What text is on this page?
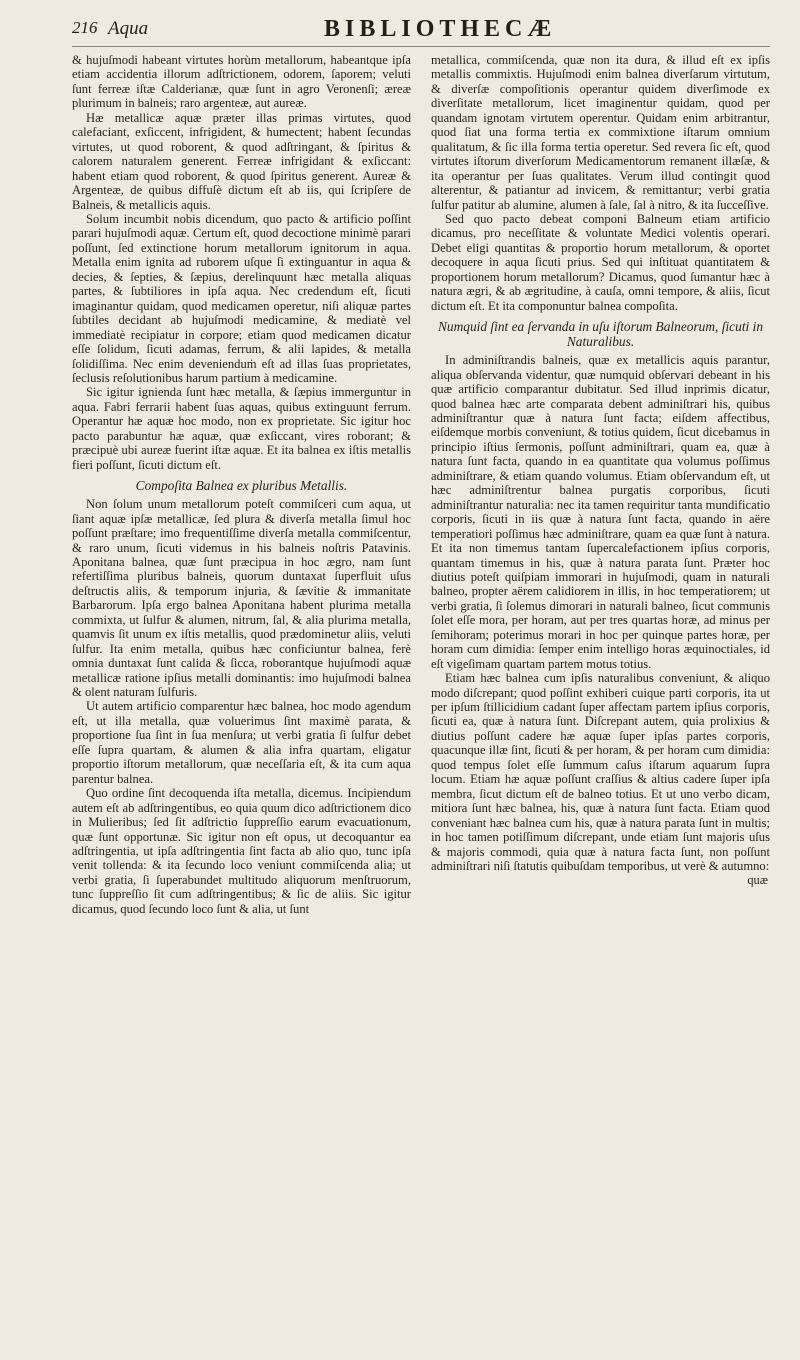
216 Aqua	BIBLIOTHECÆ

& hujuſmodi habeant virtutes horùm metallorum, habeantque ipſa etiam accidentia illorum adſtrictionem, odorem, ſaporem; veluti ſunt ferreæ iſtæ Calderianæ, quæ ſunt in agro Veronenſi; æreæ plurimum in balneis; raro argenteæ, aut aureæ.

Hæ metallicæ aquæ præter illas primas virtutes, quod calefaciant, exſiccent, infrigident, & humectent; habent ſecundas virtutes, ut quod roborent, & quod adſtringant, & ſpiritus & calorem naturalem generent. Ferreæ infrigidant & exſiccant: habent etiam quod roborent, & quod ſpiritus generent. Aureæ & Argenteæ, de quibus diffuſè dictum eſt ab iis, qui ſcripſere de Balneis, & metallicis aquis.

Solum incumbit nobis dicendum, quo pacto & artificio poſſint parari hujuſmodi aquæ. Certum eſt, quod decoctione minimè parari poſſunt, ſed extinctione horum metallorum ignitorum in aqua. Metalla enim ignita ad ruborem uſque ſi extinguantur in aqua & decies, & ſepties, & ſæpius, derelinquunt hæc metalla aliquas partes, & ſubtiliores in ipſa aqua. Nec credendum eſt, ſicuti imaginantur quidam, quod medicamen operetur, niſi aliquæ partes ſubtiles decidant ab hujuſmodi medicamine, & mediatè vel immediatè recipiatur in corpore; etiam quod medicamen dicatur eſſe ſolidum, ſicuti adamas, ferrum, & alii lapides, & metalla ſolidiſſima. Nec enim devenienduṁ eſt ad illas ſuas proprietates, ſeclusis reſolutionibus harum partium à medicamine.

Sic igitur ignienda ſunt hæc metalla, & ſæpius immerguntur in aqua. Fabri ferrarii habent ſuas aquas, quibus extinguunt ferrum. Operantur hæ aquæ hoc modo, non ex proprietate. Sic igitur hoc pacto parabuntur hæ aquæ, quæ exſiccant, vires roborant; & præcipuè ubi aureæ fuerint iſtæ aquæ. Et ita balnea ex iſtis metallis fieri poſſunt, ſicuti dictum eſt.

Compoſita Balnea ex pluribus Metallis.

Non ſolum unum metallorum poteſt commiſceri cum aqua, ut ſiant aquæ ipſæ metallicæ, ſed plura & diverſa metalla ſimul hoc poſſunt præſtare; imo frequentiſſime diverſa metalla commiſcentur, & raro unum, ſicuti videmus in his balneis noſtris Patavinis. Aponitana balnea, quæ ſunt præcipua in hoc ægro, nam ſunt refertiſſima pluribus balneis, quorum duntaxat ſuperfluit uſus deſtructis aliis, & temporum injuria, & ſævitie & immanitate Barbarorum. Ipſa ergo balnea Aponitana habent plurima metalla commixta, ut ſulfur & alumen, nitrum, ſal, & alia plurima metalla, quamvis ſit unum ex iſtis metallis, quod prædominetur aliis, veluti ſulfur. Ita enim metalla, quibus hæc conficiuntur balnea, ferè omnia duntaxat ſunt calida & ſicca, roborantque hujuſmodi aquæ metallicæ ratione ipſius metalli dominantis: imo hujuſmodi balnea & olent naturam ſulfuris.

Ut autem artificio comparentur hæc balnea, hoc modo agendum eſt, ut illa metalla, quæ voluerimus ſint maximè parata, & proportione ſua ſint in ſua menſura; ut verbi gratia ſi ſulfur debet eſſe ſupra quartam, & alumen & alia infra quartam, eligatur proportio iſtorum metallorum, quæ neceſſaria eſt, & ita cum aqua parentur balnea.

Quo ordine ſint decoquenda iſta metalla, dicemus. Incipiendum autem eſt ab adſtringentibus, eo quia quum dico adſtrictionem dico in Mulieribus; ſed ſit adſtrictio ſuppreſſio earum evacuationum, quæ ſunt opportunæ. Sic igitur non eſt opus, ut decoquantur ea adſtringentia, ut ipſa adſtringentia ſint facta ab alio quo, tunc ipſa venit tollenda: & ita ſecundo loco veniunt commiſcenda alia; ut verbi gratia, ſi ſuperabundet multitudo aliquorum menſtruorum, tunc ſuppreſſio ſit cum adſtringentibus; & ſic de aliis. Sic igitur dicamus, quod ſecundo loco ſunt & alia, ut ſunt

metallica, commiſcenda, quæ non ita dura, & illud eſt ex ipſis metallis commixtis. Hujuſmodi enim balnea diverſarum virtutum, & diverſæ compoſitionis operantur quidem diverſimode ex diverſitate metallorum, licet imaginentur quidam, quod per quandam ignotam virtutem operentur. Quidam enim arbitrantur, quod ſiat una forma tertia ex commixtione iſtarum omnium qualitatum, & ſic illa forma tertia operetur. Sed revera ſic eſt, quod virtutes iſtorum diverſorum Medicamentorum remanent illæſæ, & ita operantur per ſuas qualitates. Verum illud contingit quod alterentur, & patiantur ad invicem, & remittantur; verbi gratia ſulfur patitur ab alumine, alumen à ſale, ſal à nitro, & ita ſucceſſive.

Sed quo pacto debeat componi Balneum etiam artificio dicamus, pro neceſſitate & voluntate Medici volentis operari. Debet eligi quantitas & proportio horum metallorum, & oportet decoquere in aqua ſicuti prius. Sed qui inſtituat quantitatem & proportionem horum metallorum? Dicamus, quod ſumantur hæc à natura ægri, & ab ægritudine, à cauſa, omni tempore, & aliis, ſicut dictum eſt. Et ita componuntur balnea compoſita.

Numquid ſint ea ſervanda in uſu iſtorum Balneorum, ſicuti in Naturalibus.

In adminiſtrandis balneis, quæ ex metallicis aquis parantur, aliqua obſervanda videntur, quæ numquid obſervari debeant in his quæ artificio comparantur dubitatur. Sed illud inprimis dicatur, quod balnea hæc arte comparata debent adminiſtrari his, quibus adminiſtrantur quæ à natura ſunt facta; eiſdem affectibus, eiſdemque morbis conveniunt, & totius quidem, ſicut dicebamus in principio iſtius ſermonis, poſſunt adminiſtrari, quam ea, quæ à natura ſunt facta, quando in ea quantitate qua volumus poſſimus adminiſtrare, & etiam quando volumus. Etiam obſervandum eſt, ut hæc adminiſtrentur balnea purgatis corporibus, ſicuti adminiſtrantur naturalia: nec ita tamen requiritur tanta mundificatio corporis, ſicuti in iis quæ à natura ſunt facta, quando in aëre temperatiori poſſimus hæc adminiſtrare, quam ea quæ ſunt à natura. Et ita non timemus tantam ſupercalefactionem ipſius corporis, quantam timemus in his, quæ à natura parata ſunt. Præter hoc diutius poteſt quiſpiam immorari in hujuſmodi, quam in naturali balneo, propter aërem calidiorem in illis, in hoc temperatiorem; ut verbi gratia, ſi ſolemus dimorari in naturali balneo, ſicut communis ſolet eſſe mora, per horam, aut per tres quartas horæ, ad minus per ſemihoram; poterimus morari in hoc per quinque partes horæ, per horam cum dimidia: ſemper enim intelligo horas æquinoctiales, id eſt vigeſimam quartam partem motus totius.

Etiam hæc balnea cum ipſis naturalibus conveniunt, & aliquo modo diſcrepant; quod poſſint exhiberi cuique parti corporis, ita ut per ipſum ſtillicidium cadant ſuper affectam partem ipſius corporis, ſicuti ea, quæ à natura ſunt. Diſcrepant autem, quia prolixius & diutius poſſunt cadere hæ aquæ ſuper ipſas partes corporis, quacunque illæ ſint, ſicuti & per horam, & per horam cum dimidia: quod tempus ſolet eſſe ſummum caſus iſtarum aquarum ſupra locum. Etiam hæ aquæ poſſunt craſſius & altius cadere ſuper ipſa membra, ſicut dictum eſt de balneo totius. Et ut uno verbo dicam, mitiora ſunt hæc balnea, his, quæ à natura ſunt facta. Etiam quod conveniant hæc balnea cum his, quæ à natura parata ſunt in multis; in hoc tamen potiſſimum diſcrepant, unde etiam ſunt majoris uſus & majoris commodi, quia quæ à natura facta ſunt, non poſſunt adminiſtrari niſi ſtatutis quibuſdam temporibus, ut verè & autumno:

quæ
